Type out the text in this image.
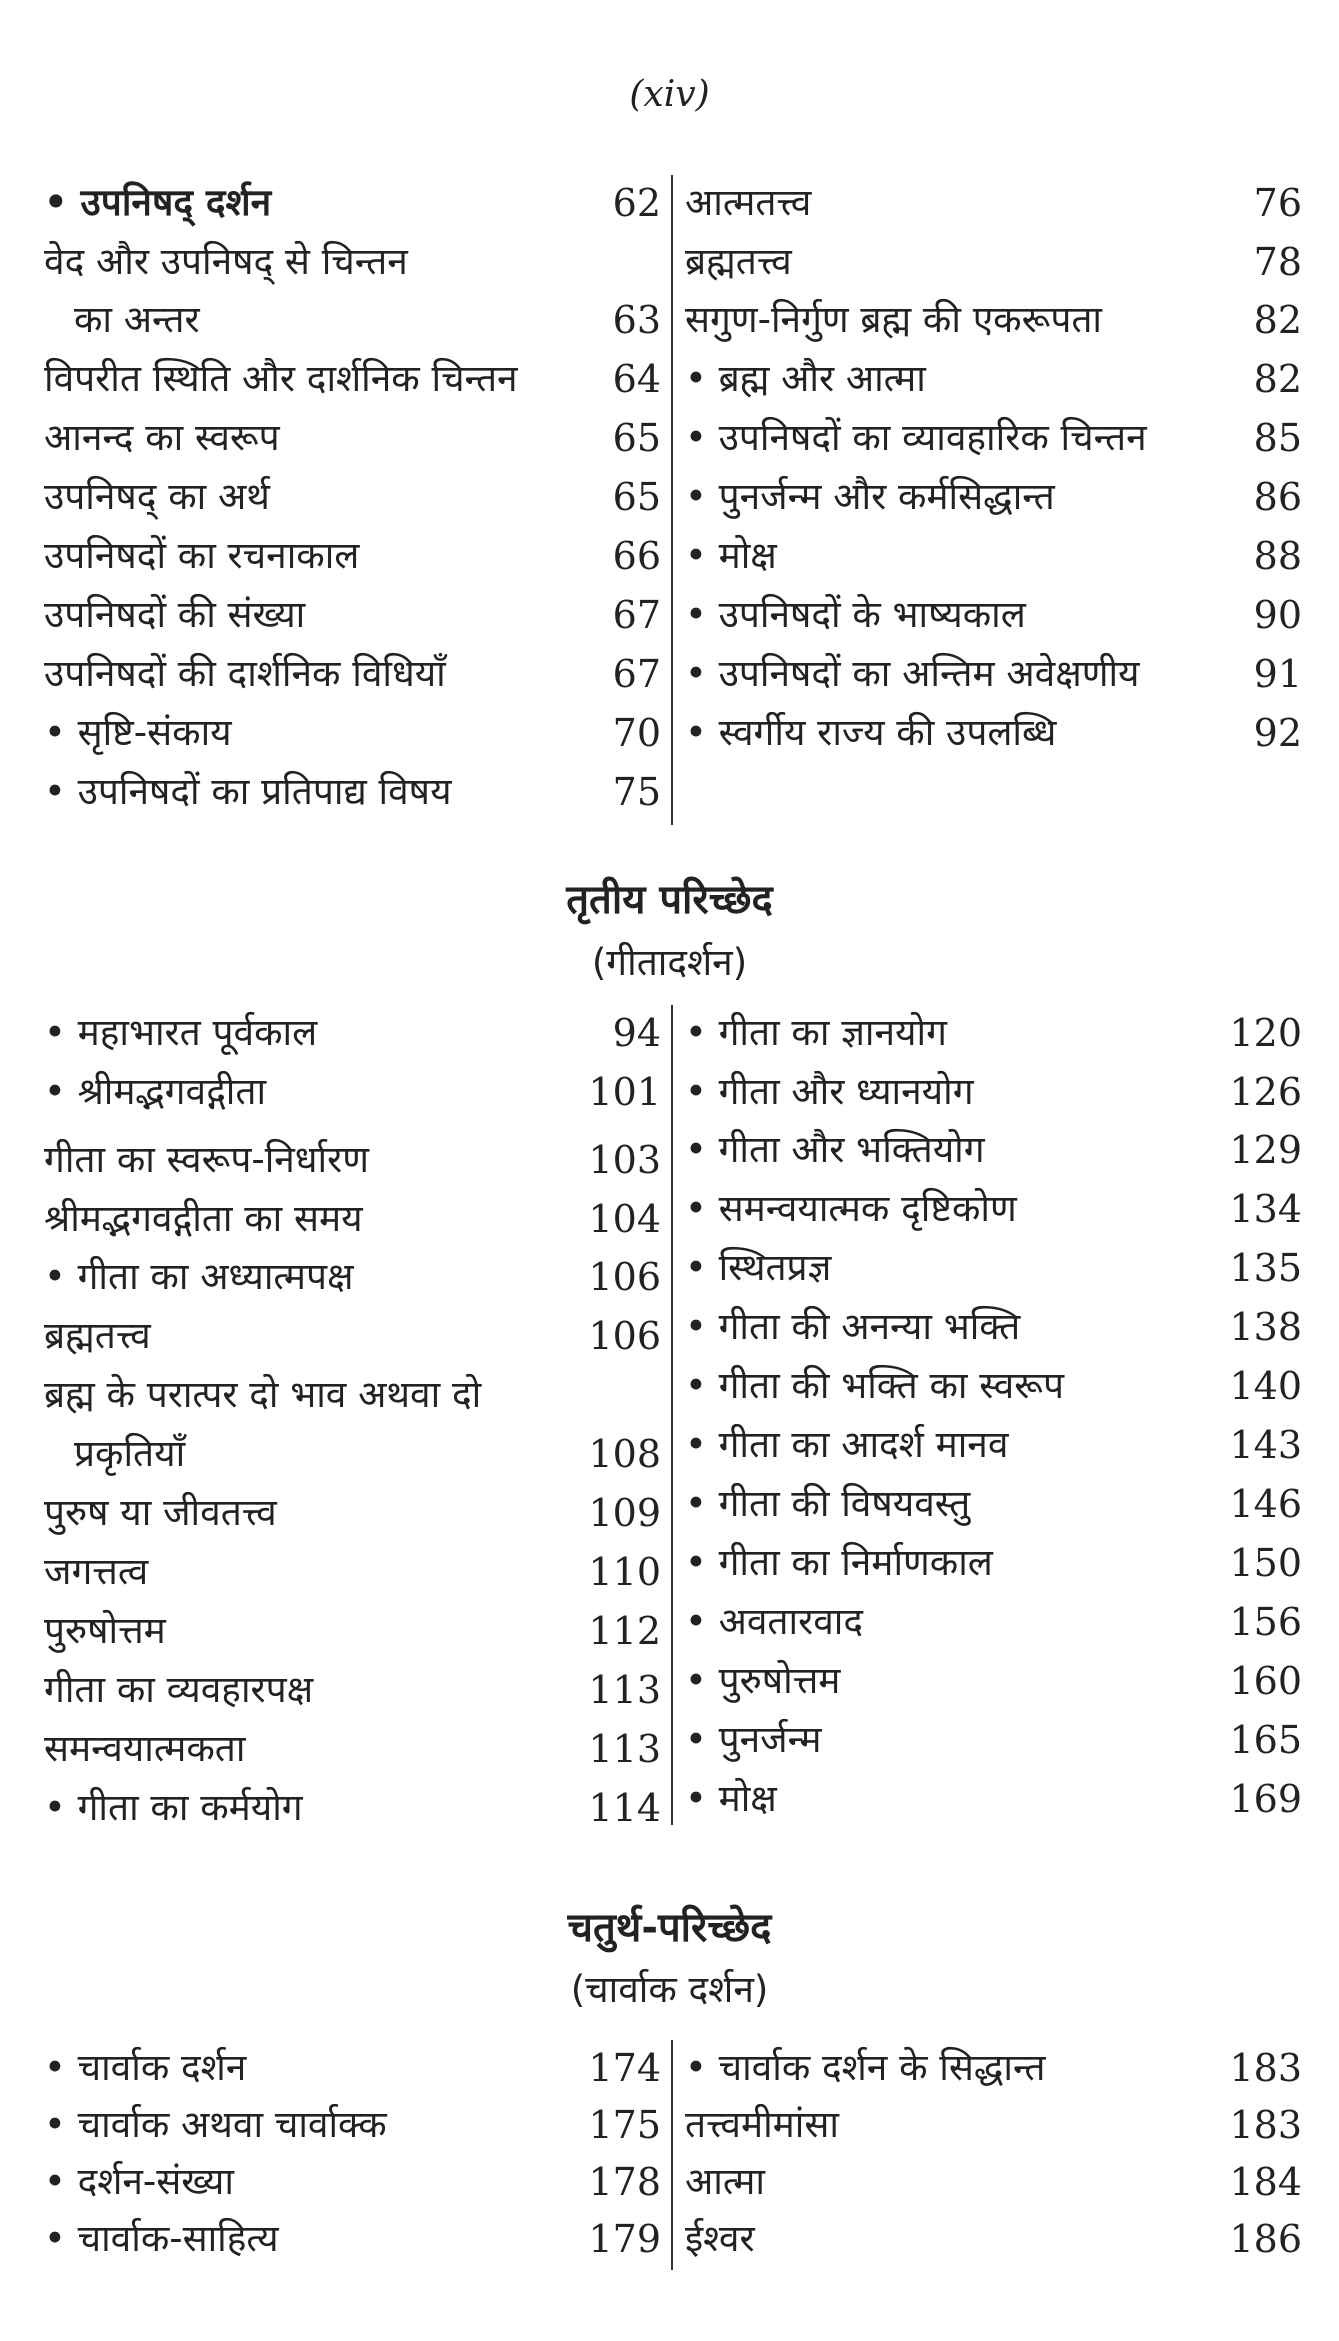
(xiv)
• उपनिषद् दर्शन	62
वेद और उपनिषद् से चिन्तन
का अन्तर	63
विपरीत स्थिति और दार्शनिक चिन्तन	64
आनन्द का स्वरूप	65
उपनिषद् का अर्थ	65
उपनिषदों का रचनाकाल	66
उपनिषदों की संख्या	67
उपनिषदों की दार्शनिक विधियाँ	67
• सृष्टि-संकाय	70
• उपनिषदों का प्रतिपाद्य विषय	75
आत्मतत्त्व	76
ब्रह्मतत्त्व	78
सगुण-निर्गुण ब्रह्म की एकरूपता	82
• ब्रह्म और आत्मा	82
• उपनिषदों का व्यावहारिक चिन्तन	85
• पुनर्जन्म और कर्मसिद्धान्त	86
• मोक्ष	88
• उपनिषदों के भाष्यकाल	90
• उपनिषदों का अन्तिम अवेक्षणीय	91
• स्वर्गीय राज्य की उपलब्धि	92
तृतीय परिच्छेद
(गीतादर्शन)
• महाभारत पूर्वकाल	94
• श्रीमद्भगवद्गीता	101
गीता का स्वरूप-निर्धारण	103
श्रीमद्भगवद्गीता का समय	104
• गीता का अध्यात्मपक्ष	106
ब्रह्मतत्त्व	106
ब्रह्म के परात्पर दो भाव अथवा दो
प्रकृतियाँ	108
पुरुष या जीवतत्त्व	109
जगत्तत्व	110
पुरुषोत्तम	112
गीता का व्यवहारपक्ष	113
समन्वयात्मकता	113
• गीता का कर्मयोग	114
• गीता का ज्ञानयोग	120
• गीता और ध्यानयोग	126
• गीता और भक्तियोग	129
• समन्वयात्मक दृष्टिकोण	134
• स्थितप्रज्ञ	135
• गीता की अनन्या भक्ति	138
• गीता की भक्ति का स्वरूप	140
• गीता का आदर्श मानव	143
• गीता की विषयवस्तु	146
• गीता का निर्माणकाल	150
• अवतारवाद	156
• पुरुषोत्तम	160
• पुनर्जन्म	165
• मोक्ष	169
चतुर्थ-परिच्छेद
(चार्वाक दर्शन)
• चार्वाक दर्शन	174
• चार्वाक अथवा चार्वाक्क	175
• दर्शन-संख्या	178
• चार्वाक-साहित्य	179
• चार्वाक दर्शन के सिद्धान्त	183
तत्त्वमीमांसा	183
आत्मा	184
ईश्वर	186
